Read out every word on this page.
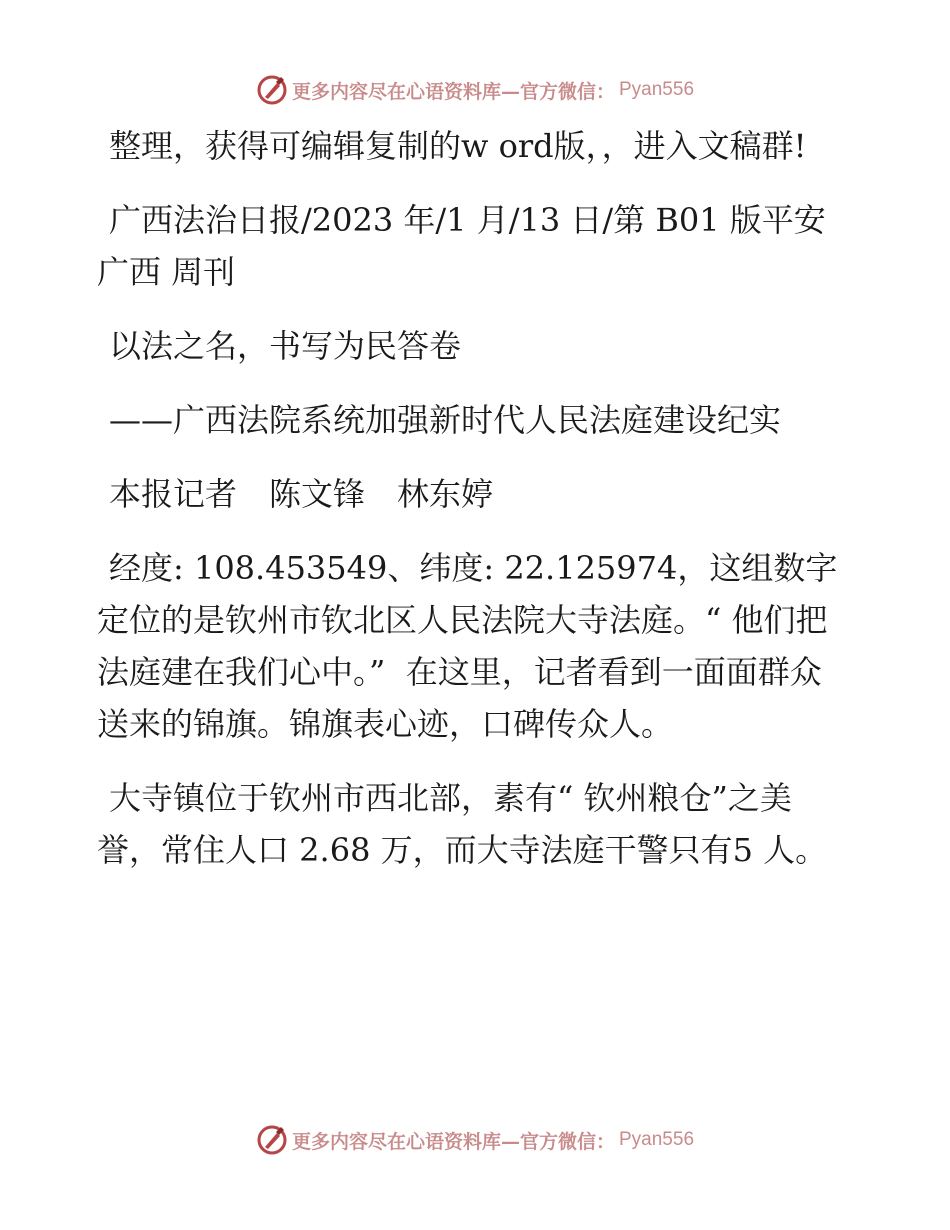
更多内容尽在心语资料库—官方微信： Pyan556

整理，获得可编辑复制的w ord版，，进入文稿群!

广西法治日报/2023 年/1 月/13 日/第 B01 版平安广西 周刊

以法之名，书写为民答卷

——广西法院系统加强新时代人民法庭建设纪实

本报记者　陈文锋　林东婷

经度: 108.453549、纬度: 22.125974，这组数字定位的是钦州市钦北区人民法院大寺法庭。“ 他们把法庭建在我们心中。”  在这里，记者看到一面面群众送来的锦旗。锦旗表心迹，口碑传众人。

大寺镇位于钦州市西北部，素有“ 钦州粮仓”之美誉，常住人口 2.68 万，而大寺法庭干警只有5 人。

更多内容尽在心语资料库—官方微信： Pyan556
